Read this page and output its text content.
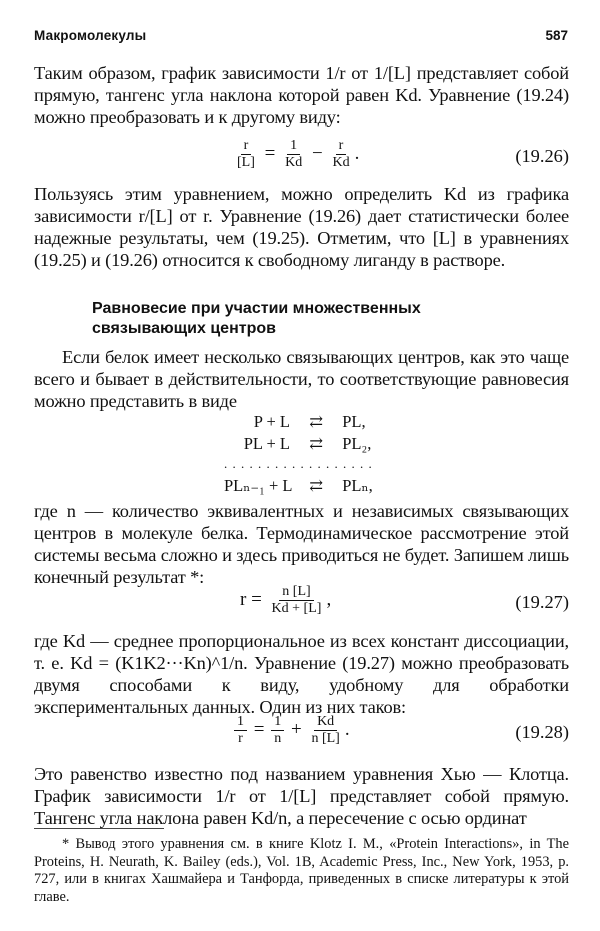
Макромолекулы	587
Таким образом, график зависимости 1/r от 1/[L] представляет собой прямую, тангенс угла наклона которой равен Kd. Уравнение (19.24) можно преобразовать и к другому виду:
$\frac{r}{[L]} = \frac{1}{Kd} - \frac{r}{Kd}$ .	(19.26)
Пользуясь этим уравнением, можно определить Kd из графика зависимости r/[L] от r. Уравнение (19.26) дает статистически более надежные результаты, чем (19.25). Отметим, что [L] в уравнениях (19.25) и (19.26) относится к свободному лиганду в растворе.
Равновесие при участии множественных связывающих центров
Если белок имеет несколько связывающих центров, как это чаще всего и бывает в действительности, то соответствующие равновесия можно представить в виде
P + L ⇄ PL,
PL + L ⇄ PL₂,
. . . . . . . . . . . . . . . . . .
PLₙ₋₁ + L ⇄ PLₙ,
где n — количество эквивалентных и независимых связывающих центров в молекуле белка. Термодинамическое рассмотрение этой системы весьма сложно и здесь приводиться не будет. Запишем лишь конечный результат *:
$r = \frac{n [L]}{Kd + [L]}$ ,	(19.27)
где Kd — среднее пропорциональное из всех констант диссоциации, т. е. Kd = (K1K2···Kn)^1/n. Уравнение (19.27) можно преобразовать двумя способами к виду, удобному для обработки экспериментальных данных. Один из них таков:
$\frac{1}{r} = \frac{1}{n} + \frac{Kd}{n [L]}$ .	(19.28)
Это равенство известно под названием уравнения Хью — Клотца. График зависимости 1/r от 1/[L] представляет собой прямую. Тангенс угла наклона равен Kd/n, а пересечение с осью ординат
* Вывод этого уравнения см. в книге Klotz I. M., «Protein Interactions», in The Proteins, H. Neurath, K. Bailey (eds.), Vol. 1B, Academic Press, Inc., New York, 1953, p. 727, или в книгах Хашмайера и Танфорда, приведенных в списке литературы к этой главе.
